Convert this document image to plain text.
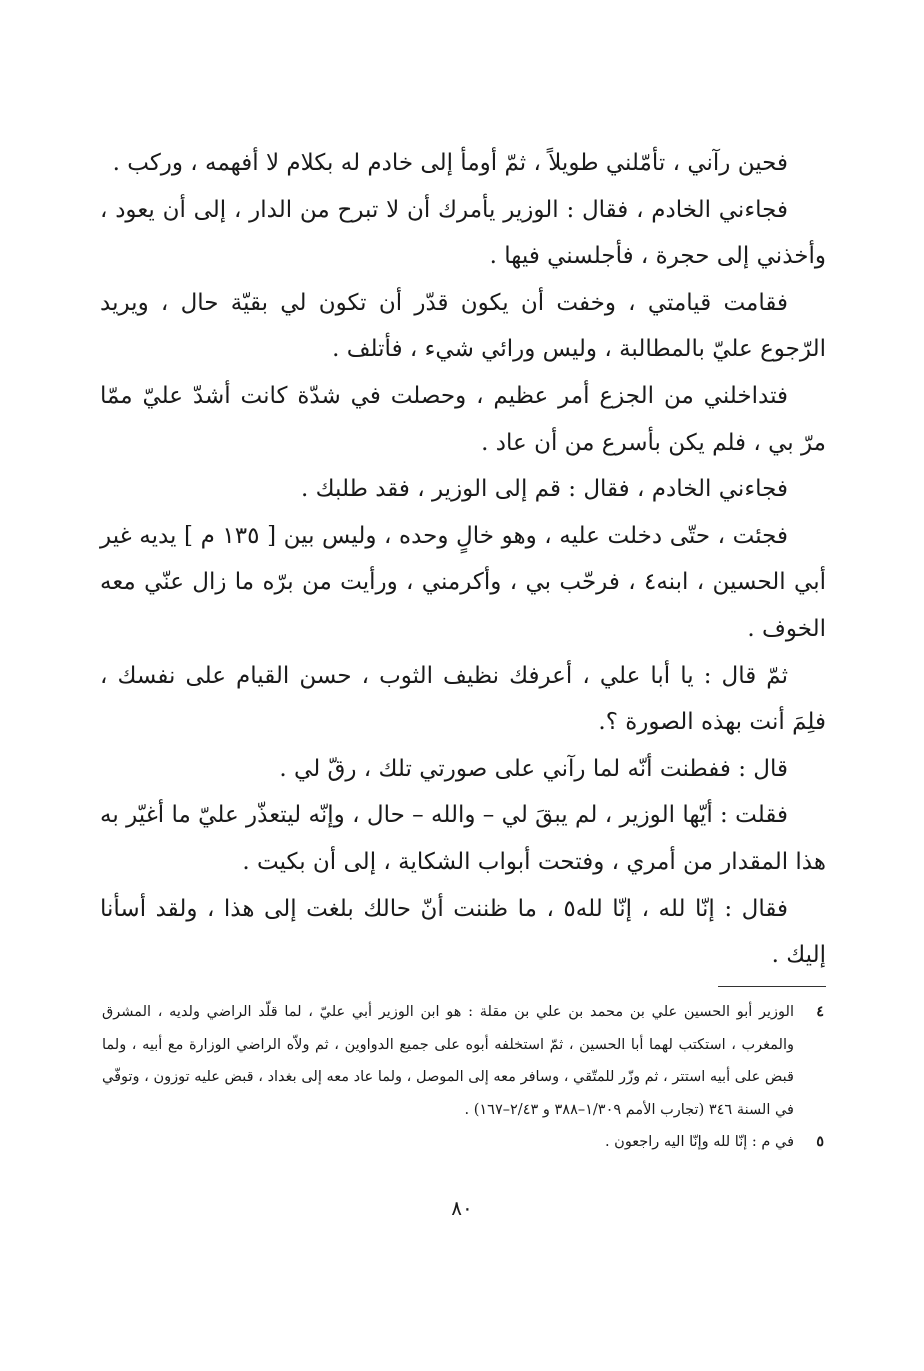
فحين رآني ، تأمّلني طويلاً ، ثمّ أومأ إلى خادم له بكلام لا أفهمه ، وركب .

فجاءني الخادم ، فقال : الوزير يأمرك أن لا تبرح من الدار ، إلى أن يعود ، وأخذني إلى حجرة ، فأجلسني فيها .

فقامت قيامتي ، وخفت أن يكون قدّر أن تكون لي بقيّة حال ، ويريد الرّجوع عليّ بالمطالبة ، وليس ورائي شيء ، فأتلف .

فتداخلني من الجزع أمر عظيم ، وحصلت في شدّة كانت أشدّ عليّ ممّا مرّ بي ، فلم يكن بأسرع من أن عاد .

فجاءني الخادم ، فقال : قم إلى الوزير ، فقد طلبك .

فجئت ، حتّى دخلت عليه ، وهو خالٍ وحده ، وليس بين [ ١٣٥ م ] يديه غير أبي الحسين ، ابنه٤ ، فرحّب بي ، وأكرمني ، ورأيت من برّه ما زال عنّي معه الخوف .

ثمّ قال : يا أبا علي ، أعرفك نظيف الثوب ، حسن القيام على نفسك ، فلِمَ أنت بهذه الصورة ؟.

قال : ففطنت أنّه لما رآني على صورتي تلك ، رقّ لي .

فقلت : أيّها الوزير ، لم يبقَ لي – والله – حال ، وإنّه ليتعذّر عليّ ما أغيّر به هذا المقدار من أمري ، وفتحت أبواب الشكاية ، إلى أن بكيت .

فقال : إنّا لله ، إنّا لله٥ ، ما ظننت أنّ حالك بلغت إلى هذا ، ولقد أسأنا إليك .

٤
الوزير أبو الحسين علي بن محمد بن علي بن مقلة : هو ابن الوزير أبي عليّ ، لما قلّد الراضي ولديه ، المشرق والمغرب ، استكتب لهما أبا الحسين ، ثمّ استخلفه أبوه على جميع الدواوين ، ثم ولاّه الراضي الوزارة مع أبيه ، ولما قبض على أبيه استتر ، ثم وزّر للمتّقي ، وسافر معه إلى الموصل ، ولما عاد معه إلى بغداد ، قبض عليه توزون ، وتوفّي في السنة ٣٤٦ (تجارب الأمم ١/٣٠٩–٣٨٨ و ٢/٤٣–١٦٧) .
٥
في م : إنّا لله وإنّا اليه راجعون .
٨٠
